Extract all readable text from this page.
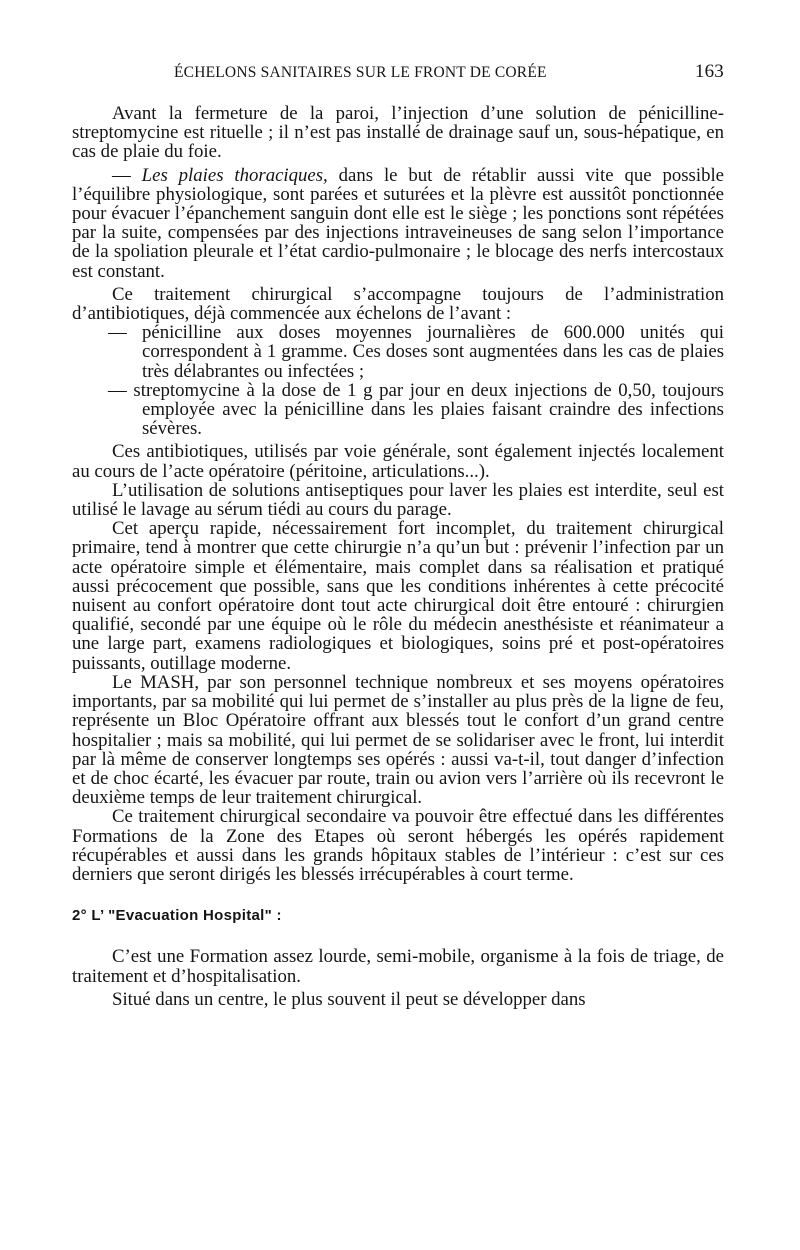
ÉCHELONS SANITAIRES SUR LE FRONT DE CORÉE	163

Avant la fermeture de la paroi, l’injection d’une solution de pénicilline-streptomycine est rituelle ; il n’est pas installé de drainage sauf un, sous-hépatique, en cas de plaie du foie.

— Les plaies thoraciques, dans le but de rétablir aussi vite que possible l’équilibre physiologique, sont parées et suturées et la plèvre est aussitôt ponctionnée pour évacuer l’épanchement sanguin dont elle est le siège ; les ponctions sont répétées par la suite, compensées par des injections intraveineuses de sang selon l’importance de la spoliation pleurale et l’état cardio-pulmonaire ; le blocage des nerfs intercostaux est constant.

Ce traitement chirurgical s’accompagne toujours de l’administration d’antibiotiques, déjà commencée aux échelons de l’avant :

— pénicilline aux doses moyennes journalières de 600.000 unités qui correspondent à 1 gramme. Ces doses sont augmentées dans les cas de plaies très délabrantes ou infectées ;

— streptomycine à la dose de 1 g par jour en deux injections de 0,50, toujours employée avec la pénicilline dans les plaies faisant craindre des infections sévères.

Ces antibiotiques, utilisés par voie générale, sont également injectés localement au cours de l’acte opératoire (péritoine, articulations...).

L’utilisation de solutions antiseptiques pour laver les plaies est interdite, seul est utilisé le lavage au sérum tiédi au cours du parage.

Cet aperçu rapide, nécessairement fort incomplet, du traitement chirurgical primaire, tend à montrer que cette chirurgie n’a qu’un but : prévenir l’infection par un acte opératoire simple et élémentaire, mais complet dans sa réalisation et pratiqué aussi précocement que possible, sans que les conditions inhérentes à cette précocité nuisent au confort opératoire dont tout acte chirurgical doit être entouré : chirurgien qualifié, secondé par une équipe où le rôle du médecin anesthésiste et réanimateur a une large part, examens radiologiques et biologiques, soins pré et post-opératoires puissants, outillage moderne.

Le MASH, par son personnel technique nombreux et ses moyens opératoires importants, par sa mobilité qui lui permet de s’installer au plus près de la ligne de feu, représente un Bloc Opératoire offrant aux blessés tout le confort d’un grand centre hospitalier ; mais sa mobilité, qui lui permet de se solidariser avec le front, lui interdit par là même de conserver longtemps ses opérés : aussi va-t-il, tout danger d’infection et de choc écarté, les évacuer par route, train ou avion vers l’arrière où ils recevront le deuxième temps de leur traitement chirurgical.

Ce traitement chirurgical secondaire va pouvoir être effectué dans les différentes Formations de la Zone des Etapes où seront hébergés les opérés rapidement récupérables et aussi dans les grands hôpitaux stables de l’intérieur : c’est sur ces derniers que seront dirigés les blessés irrécupérables à court terme.

2° L’ "Evacuation Hospital" :

C’est une Formation assez lourde, semi-mobile, organisme à la fois de triage, de traitement et d’hospitalisation.

Situé dans un centre, le plus souvent il peut se développer dans
